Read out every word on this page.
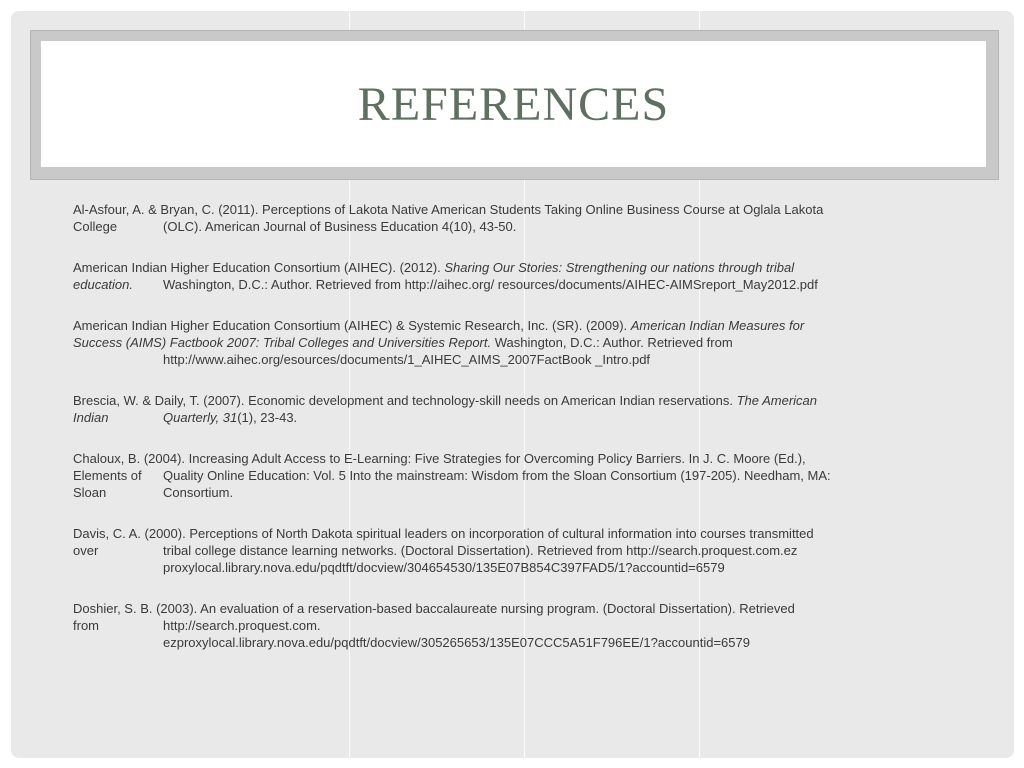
REFERENCES

Al-Asfour, A. & Bryan, C. (2011). Perceptions of Lakota Native American Students Taking Online Business Course at Oglala Lakota
College	(OLC). American Journal of Business Education 4(10), 43-50.

American Indian Higher Education Consortium (AIHEC). (2012). Sharing Our Stories: Strengthening our nations through tribal
education. Washington, D.C.: Author. Retrieved from http://aihec.org/ resources/documents/AIHEC-AIMSreport_May2012.pdf

American Indian Higher Education Consortium (AIHEC) & Systemic Research, Inc. (SR). (2009). American Indian Measures for
Success (AIMS) Factbook 2007: Tribal Colleges and Universities Report. Washington, D.C.: Author. Retrieved from
http://www.aihec.org/esources/documents/1_AIHEC_AIMS_2007FactBook _Intro.pdf

Brescia, W. & Daily, T. (2007). Economic development and technology-skill needs on American Indian reservations. The American
Indian	Quarterly, 31(1), 23-43.

Chaloux, B. (2004). Increasing Adult Access to E-Learning: Five Strategies for Overcoming Policy Barriers. In J. C. Moore (Ed.),
Elements of Quality Online Education: Vol. 5 Into the mainstream: Wisdom from the Sloan Consortium (197-205). Needham, MA:
Sloan	Consortium.

Davis, C. A. (2000). Perceptions of North Dakota spiritual leaders on incorporation of cultural information into courses transmitted
over	tribal college distance learning networks. (Doctoral Dissertation). Retrieved from http://search.proquest.com.ez
proxylocal.library.nova.edu/pqdtft/docview/304654530/135E07B854C397FAD5/1?accountid=6579

Doshier, S. B. (2003). An evaluation of a reservation-based baccalaureate nursing program. (Doctoral Dissertation). Retrieved
from	http://search.proquest.com.
ezproxylocal.library.nova.edu/pqdtft/docview/305265653/135E07CCC5A51F796EE/1?accountid=6579
